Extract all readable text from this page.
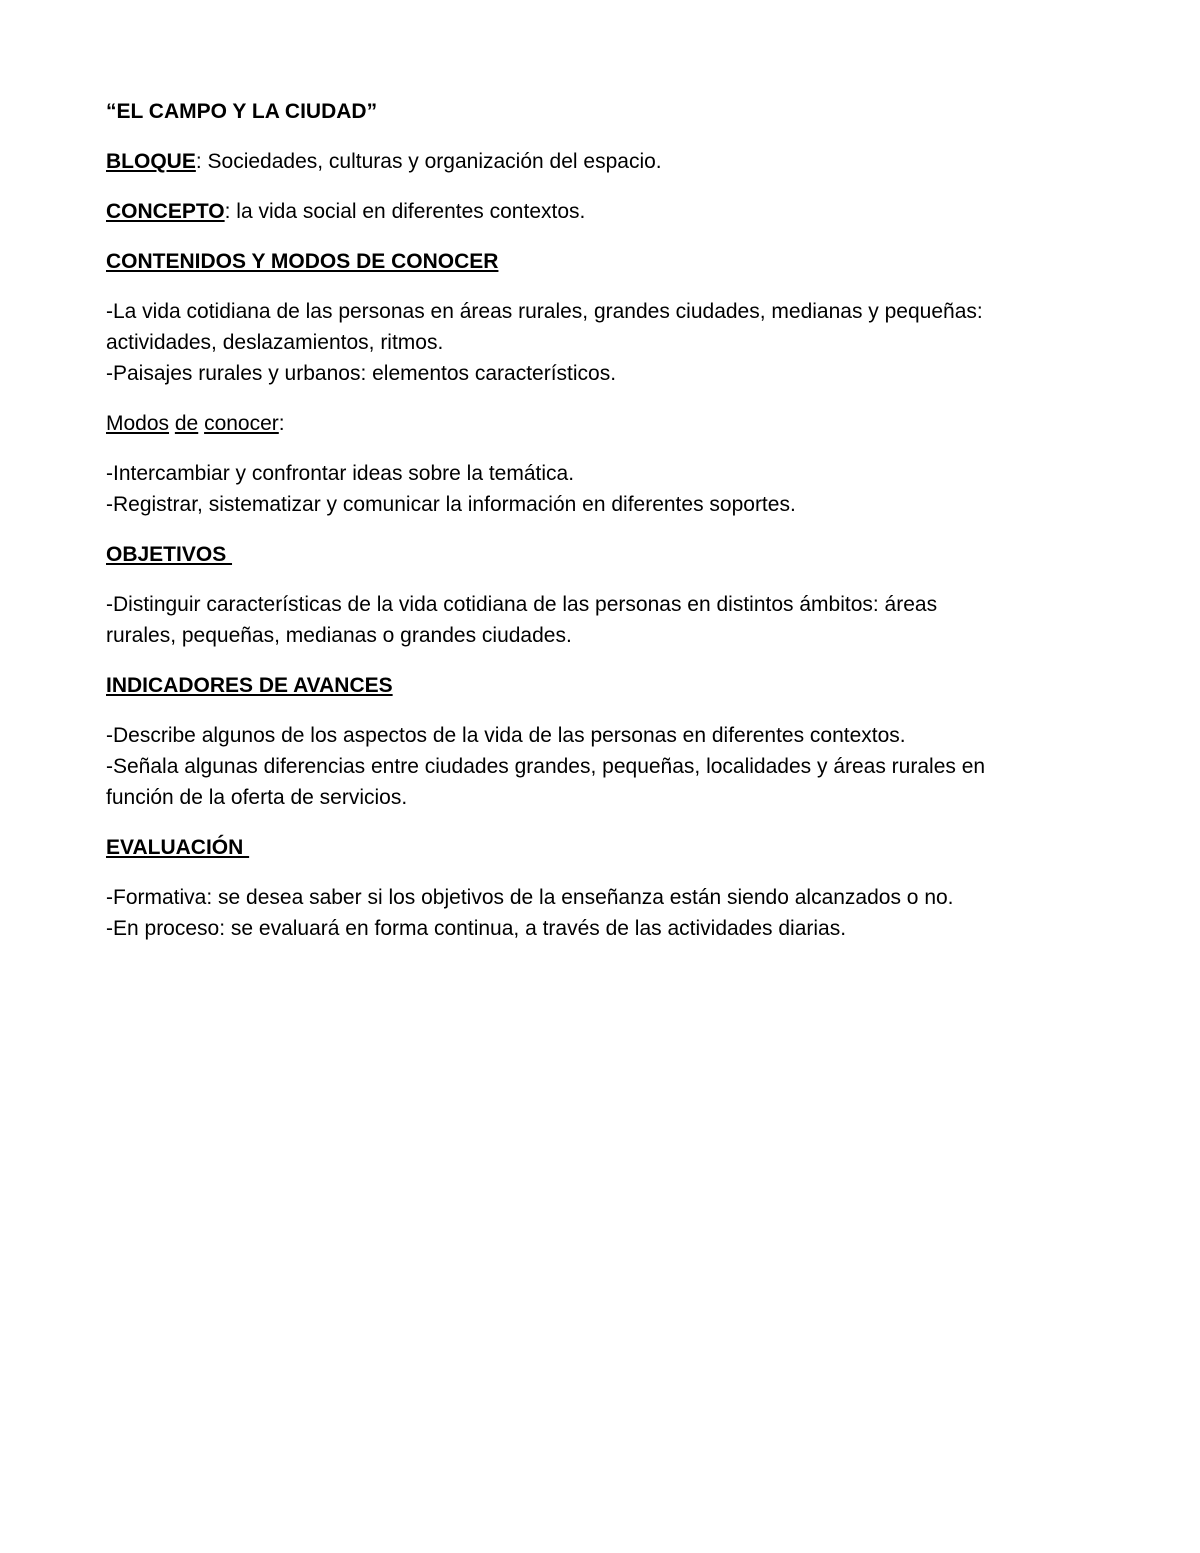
“EL CAMPO Y LA CIUDAD”
BLOQUE: Sociedades, culturas y organización del espacio.
CONCEPTO: la vida social en diferentes contextos.
CONTENIDOS Y MODOS DE CONOCER
-La vida cotidiana de las personas en áreas rurales, grandes ciudades, medianas y pequeñas:
actividades, deslazamientos, ritmos.
-Paisajes rurales y urbanos: elementos característicos.
Modos de conocer:
-Intercambiar y confrontar ideas sobre la temática.
-Registrar, sistematizar y comunicar la información en diferentes soportes.
OBJETIVOS
-Distinguir características de la vida cotidiana de las personas en distintos ámbitos: áreas
rurales, pequeñas, medianas o grandes ciudades.
INDICADORES DE AVANCES
-Describe algunos de los aspectos de la vida de las personas en diferentes contextos.
-Señala algunas diferencias entre ciudades grandes, pequeñas, localidades y áreas rurales en
función de la oferta de servicios.
EVALUACIÓN
-Formativa: se desea saber si los objetivos de la enseñanza están siendo alcanzados o no.
-En proceso: se evaluará en forma continua, a través de las actividades diarias.
